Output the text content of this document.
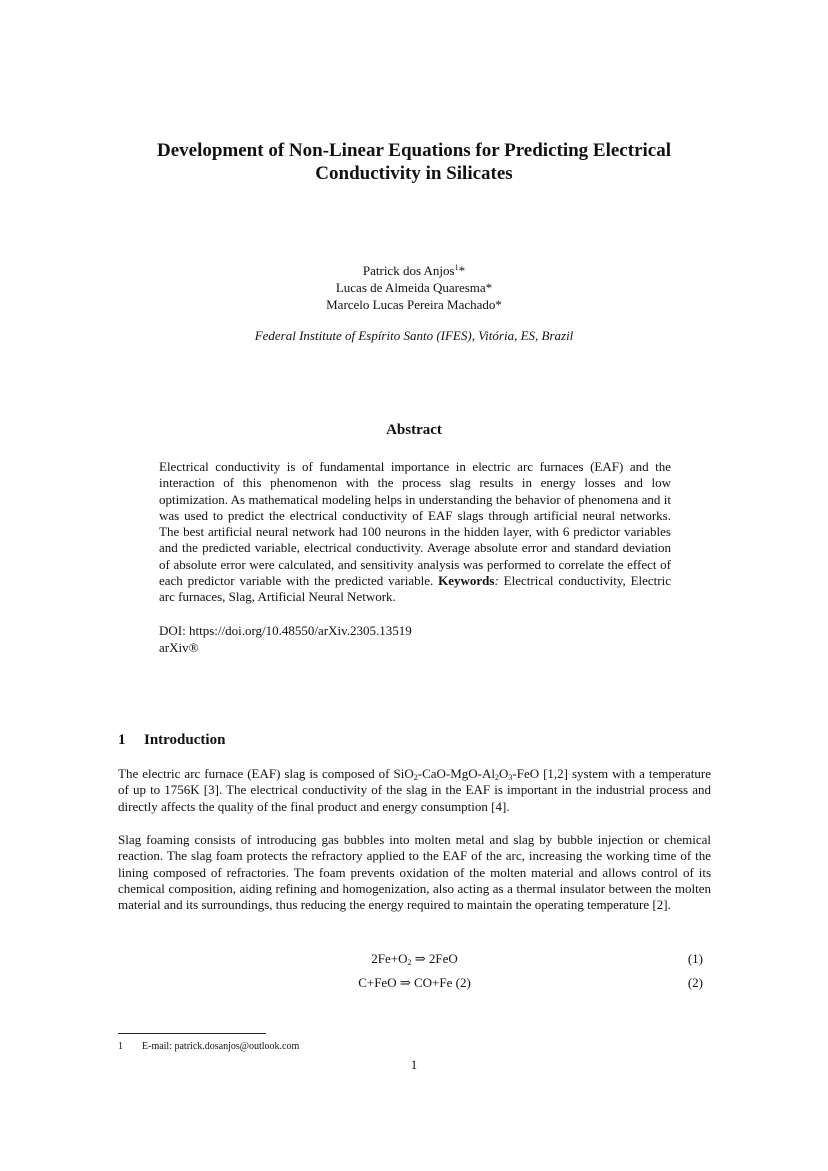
Development of Non-Linear Equations for Predicting Electrical
Conductivity in Silicates
Patrick dos Anjos$^1$*
Lucas de Almeida Quaresma*
Marcelo Lucas Pereira Machado*
Federal Institute of Espírito Santo (IFES), Vitória, ES, Brazil
Abstract
Electrical conductivity is of fundamental importance in electric arc furnaces (EAF) and the interaction of this phenomenon with the process slag results in energy losses and low optimization. As mathematical modeling helps in understanding the behavior of phenomena and it was used to predict the electrical conductivity of EAF slags through artificial neural networks. The best artificial neural network had 100 neurons in the hidden layer, with 6 predictor variables and the predicted variable, electrical conductivity. Average absolute error and standard deviation of absolute error were calculated, and sensitivity analysis was performed to correlate the effect of each predictor variable with the predicted variable. Keywords: Electrical conductivity, Electric arc furnaces, Slag, Artificial Neural Network.
DOI: https://doi.org/10.48550/arXiv.2305.13519
arXiv®
1 Introduction
The electric arc furnace (EAF) slag is composed of $SiO_2-CaO-MgO-Al_2O_3$-FeO [1,2] system with a temperature of up to 1756K [3]. The electrical conductivity of the slag in the EAF is important in the industrial process and directly affects the quality of the final product and energy consumption [4].
Slag foaming consists of introducing gas bubbles into molten metal and slag by bubble injection or chemical reaction. The slag foam protects the refractory applied to the EAF of the arc, increasing the working time of the lining composed of refractories. The foam prevents oxidation of the molten material and allows control of its chemical composition, aiding refining and homogenization, also acting as a thermal insulator between the molten material and its surroundings, thus reducing the energy required to maintain the operating temperature [2].
$2Fe+O_2$ ⇒ 2FeO	(1)
C+FeO ⇒ CO+Fe (2)	(2)
1 E-mail: patrick.dosanjos@outlook.com
1
